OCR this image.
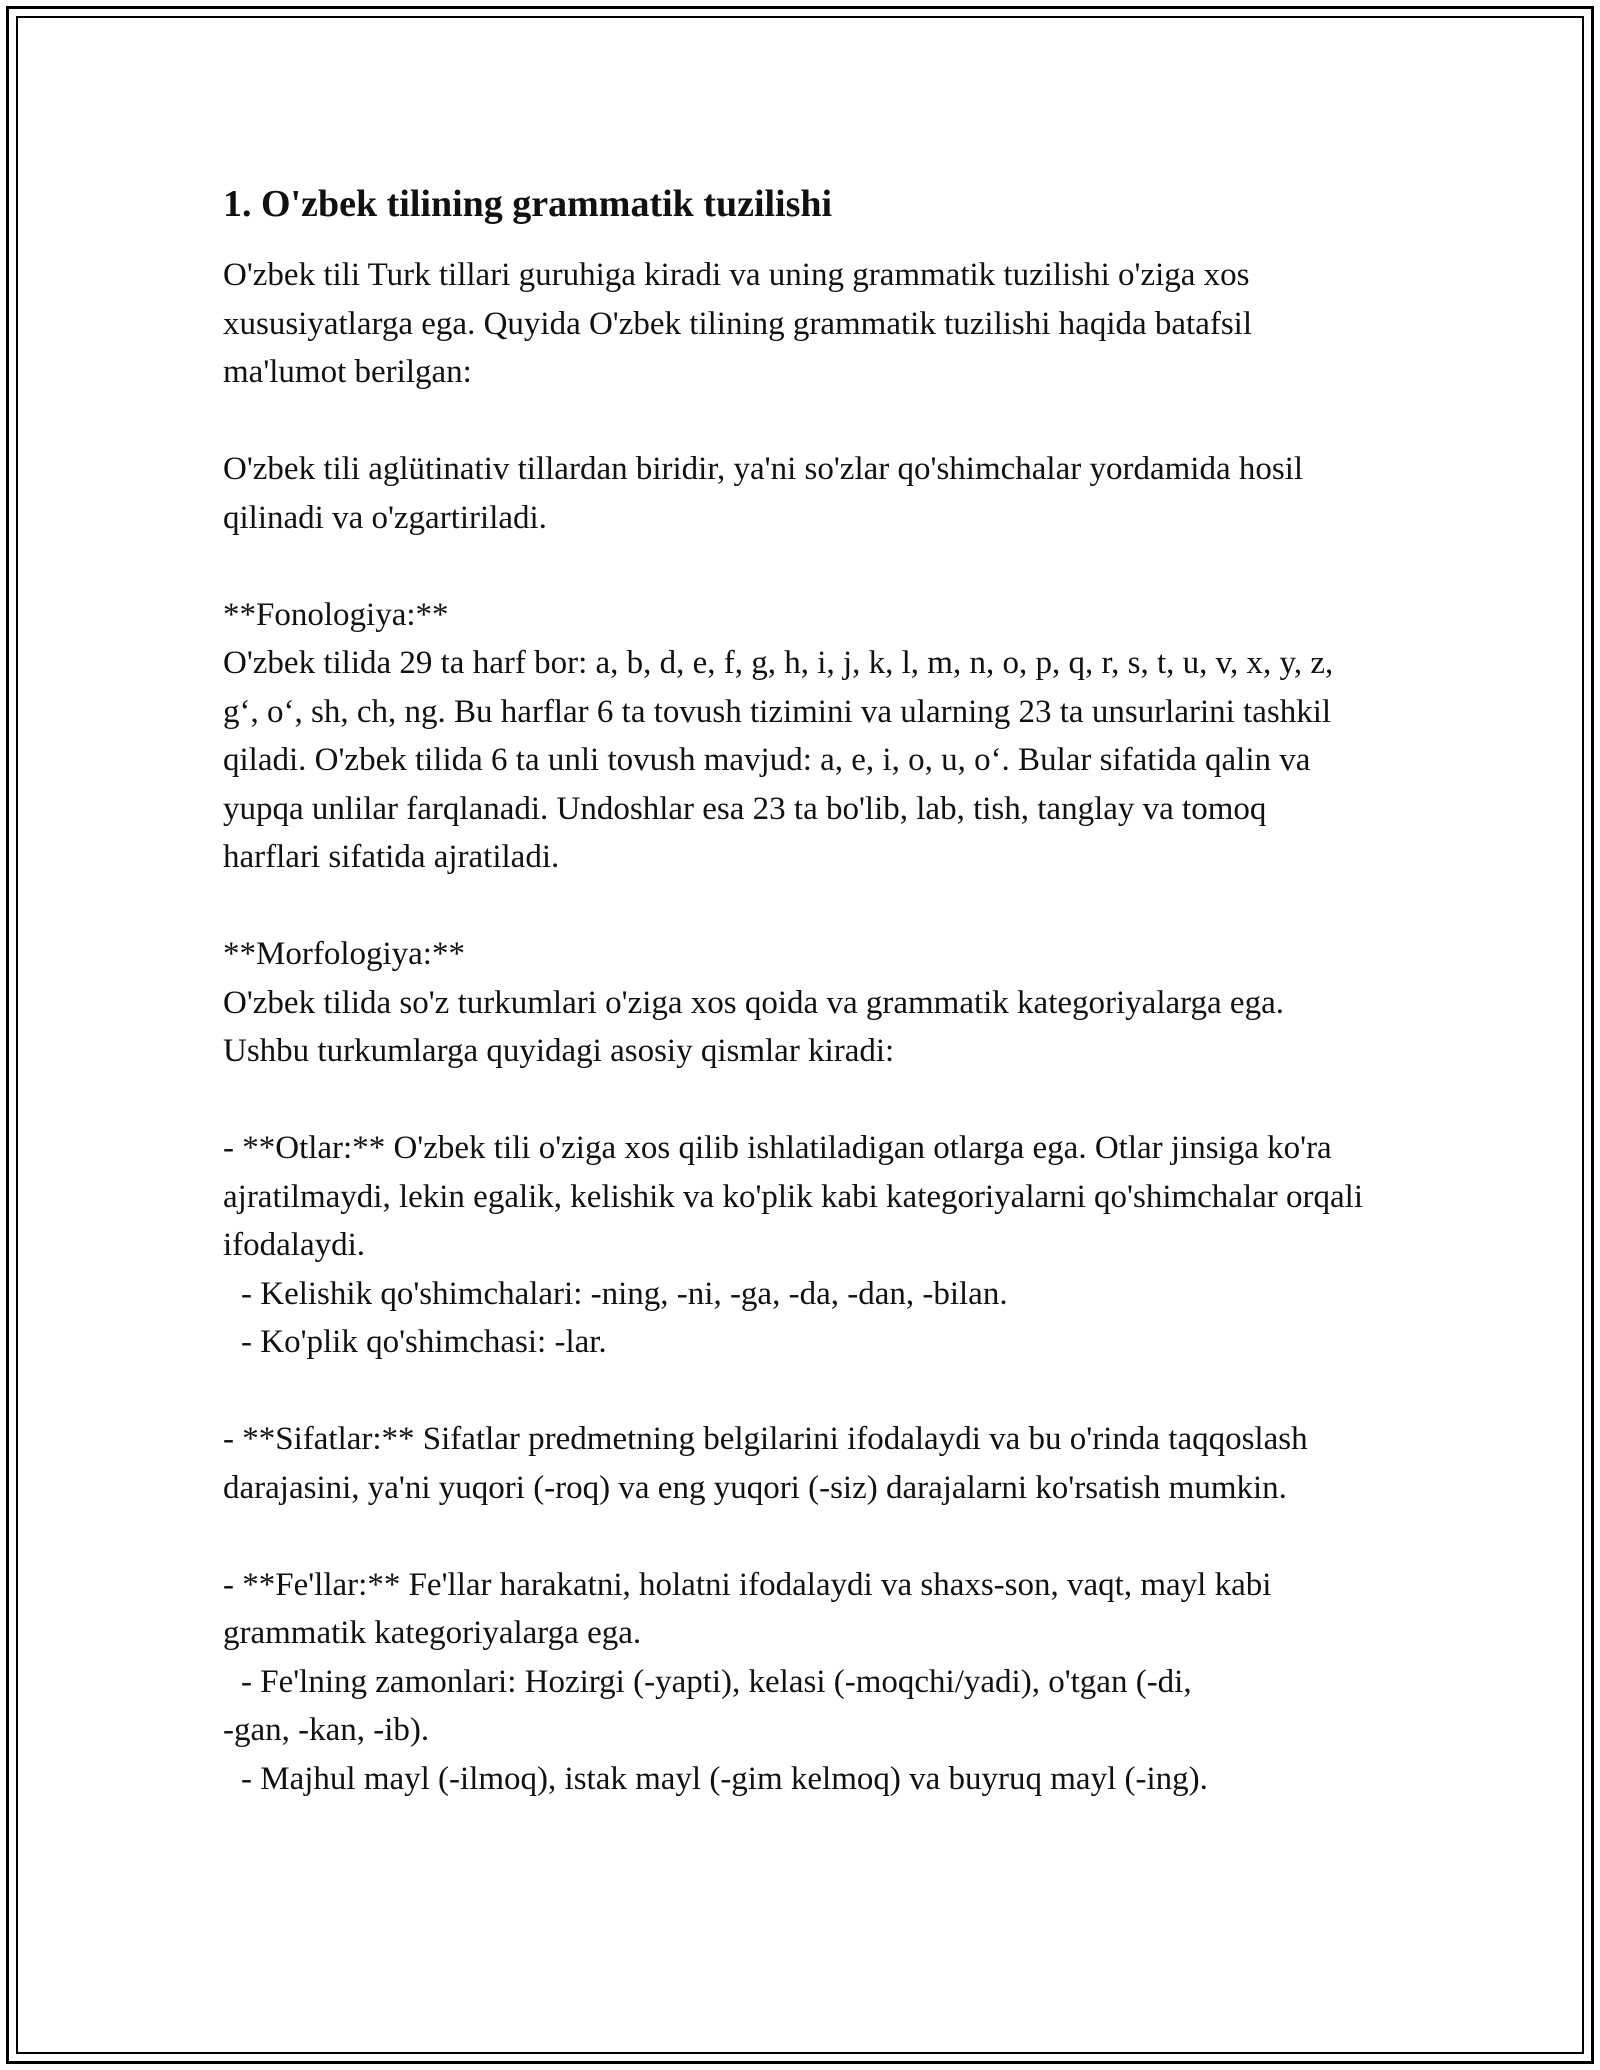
1. O'zbek tilining grammatik tuzilishi

O'zbek tili Turk tillari guruhiga kiradi va uning grammatik tuzilishi o'ziga xos xususiyatlarga ega. Quyida O'zbek tilining grammatik tuzilishi haqida batafsil ma'lumot berilgan:

O'zbek tili aglütinativ tillardan biridir, ya'ni so'zlar qo'shimchalar yordamida hosil qilinadi va o'zgartiriladi.

**Fonologiya:**

O'zbek tilida 29 ta harf bor: a, b, d, e, f, g, h, i, j, k, l, m, n, o, p, q, r, s, t, u, v, x, y, z, g‘, o‘, sh, ch, ng. Bu harflar 6 ta tovush tizimini va ularning 23 ta unsurlarini tashkil qiladi. O'zbek tilida 6 ta unli tovush mavjud: a, e, i, o, u, o‘. Bular sifatida qalin va yupqa unlilar farqlanadi. Undoshlar esa 23 ta bo'lib, lab, tish, tanglay va tomoq harflari sifatida ajratiladi.

**Morfologiya:**

O'zbek tilida so'z turkumlari o'ziga xos qoida va grammatik kategoriyalarga ega. Ushbu turkumlarga quyidagi asosiy qismlar kiradi:

- **Otlar:** O'zbek tili o'ziga xos qilib ishlatiladigan otlarga ega. Otlar jinsiga ko'ra ajratilmaydi, lekin egalik, kelishik va ko'plik kabi kategoriyalarni qo'shimchalar orqali ifodalaydi.

- Kelishik qo'shimchalari: -ning, -ni, -ga, -da, -dan, -bilan.

- Ko'plik qo'shimchasi: -lar.

- **Sifatlar:** Sifatlar predmetning belgilarini ifodalaydi va bu o'rinda taqqoslash darajasini, ya'ni yuqori (-roq) va eng yuqori (-siz) darajalarni ko'rsatish mumkin.

- **Fe'llar:** Fe'llar harakatni, holatni ifodalaydi va shaxs-son, vaqt, mayl kabi grammatik kategoriyalarga ega.

- Fe'lning zamonlari: Hozirgi (-yapti), kelasi (-moqchi/yadi), o'tgan (-di,

-gan, -kan, -ib).

- Majhul mayl (-ilmoq), istak mayl (-gim kelmoq) va buyruq mayl (-ing).
